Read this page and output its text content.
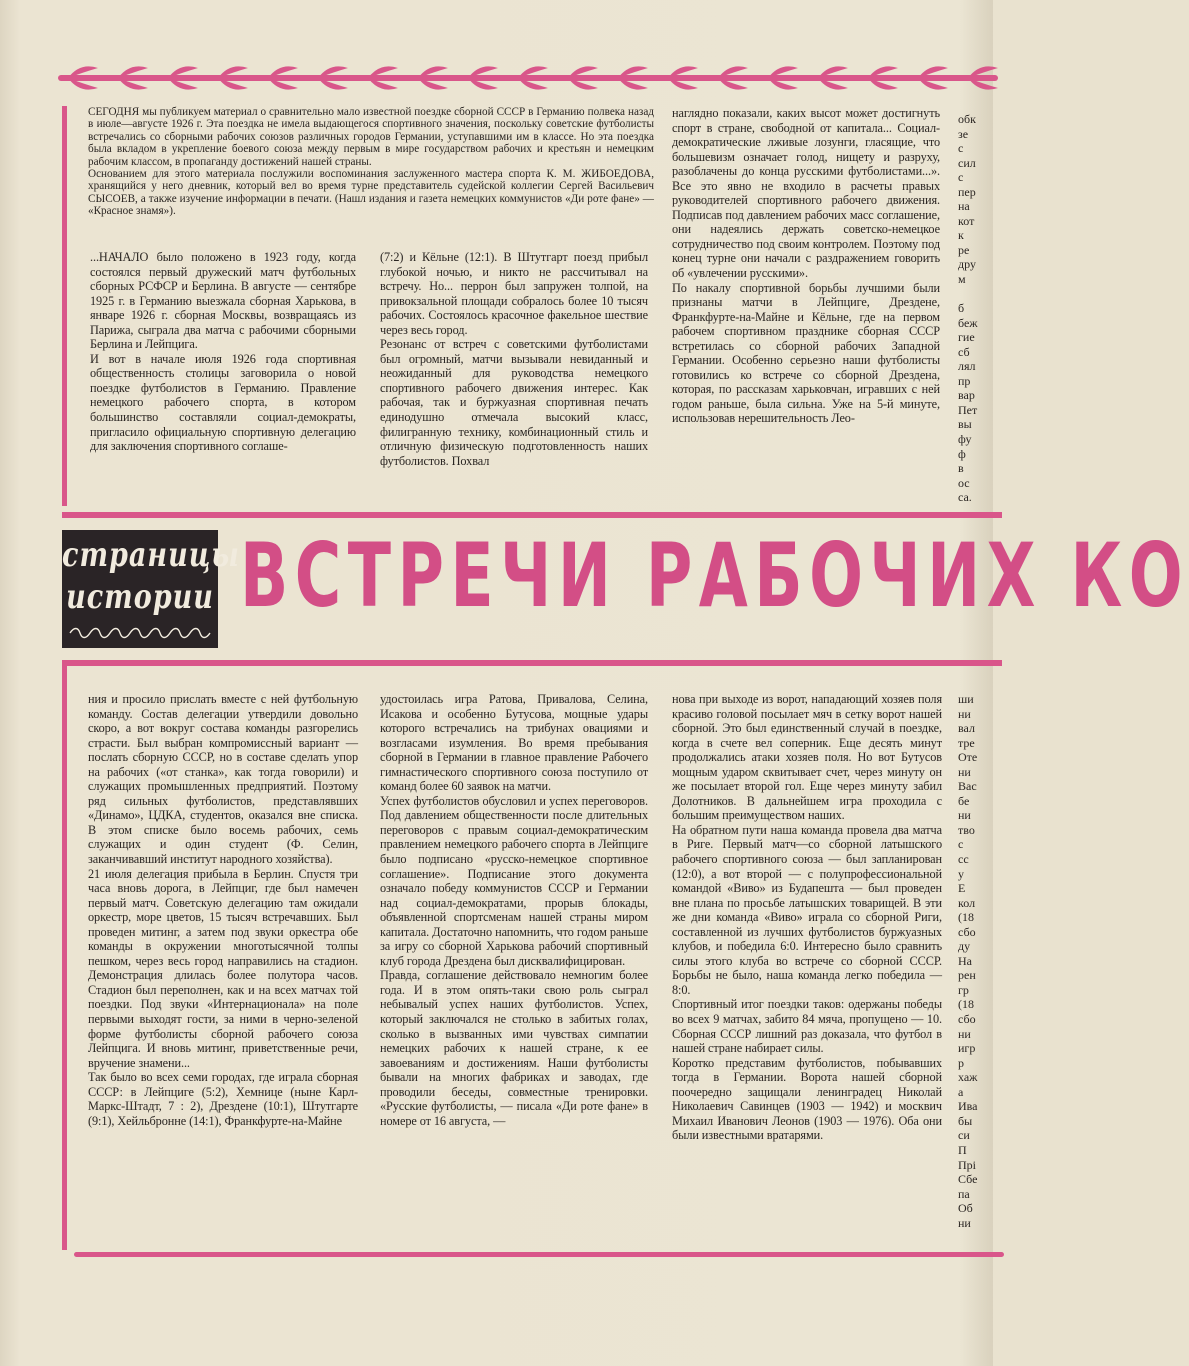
СЕГОДНЯ мы публикуем материал о сравнительно мало известной поездке сборной СССР в Германию полвека назад в июле—августе 1926 г. Эта поездка не имела выдающегося спортивного значения, поскольку советские футболисты встречались со сборными рабочих союзов различных городов Германии, уступавшими им в классе. Но эта поездка была вкладом в укрепление боевого союза между первым в мире государством рабочих и крестьян и немецким рабочим классом, в пропаганду достижений нашей страны.
Основанием для этого материала послужили воспоминания заслуженного мастера спорта К. М. ЖИБОЕДОВА, хранящийся у него дневник, который вел во время турне представитель судейской коллегии Сергей Васильевич СЫСОЕВ, а также изучение информации в печати. (Нашл издания и газета немецких коммунистов «Ди роте фане» — «Красное знамя»).
...НАЧАЛО было положено в 1923 году, когда состоялся первый дружеский матч футбольных сборных РСФСР и Берлина. В августе — сентябре 1925 г. в Германию выезжала сборная Харькова, в январе 1926 г. сборная Москвы, возвращаясь из Парижа, сыграла два матча с рабочими сборными Берлина и Лейпцига.
И вот в начале июля 1926 года спортивная общественность столицы заговорила о новой поездке футболистов в Германию. Правление немецкого рабочего спорта, в котором большинство составляли социал-демократы, пригласило официальную спортивную делегацию для заключения спортивного соглаше-
(7:2) и Кёльне (12:1). В Штутгарт поезд прибыл глубокой ночью, и никто не рассчитывал на встречу. Но... перрон был запружен толпой, на привокзальной площади собралось более 10 тысяч рабочих. Состоялось красочное факельное шествие через весь город.
Резонанс от встреч с советскими футболистами был огромный, матчи вызывали невиданный и неожиданный для руководства немецкого спортивного рабочего движения интерес. Как рабочая, так и буржуазная спортивная печать единодушно отмечала высокий класс, филигранную технику, комбинационный стиль и отличную физическую подготовленность наших футболистов. Похвал
наглядно показали, каких высот может достигнуть спорт в стране, свободной от капитала... Социал-демократические лживые лозунги, гласящие, что большевизм означает голод, нищету и разруху, разоблачены до конца русскими футболистами...». Все это явно не входило в расчеты правых руководителей спортивного рабочего движения. Подписав под давлением рабочих масс соглашение, они надеялись держать советско-немецкое сотрудничество под своим контролем. Поэтому под конец турне они начали с раздражением говорить об «увлечении русскими».
По накалу спортивной борьбы лучшими были признаны матчи в Лейпциге, Дрездене, Франкфурте-на-Майне и Кёльне, где на первом рабочем спортивном празднике сборная СССР встретилась со сборной рабочих Западной Германии. Особенно серьезно наши футболисты готовились ко встрече со сборной Дрездена, которая, по рассказам харьковчан, игравших с ней годом раньше, была сильна. Уже на 5-й минуте, использовав нерешительность Лео-
обк
зе
с
сил
с
пер
на
кот
к
ре
дру
м

б
беж
гие
сб
лял
пр
вар
Пет
вы
фу
ф
в
ос
са.
страницы
истории ВСТРЕЧИ РАБОЧИХ КО
ния и просило прислать вместе с ней футбольную команду. Состав делегации утвердили довольно скоро, а вот вокруг состава команды разгорелись страсти. Был выбран компромиссный вариант — послать сборную СССР, но в составе сделать упор на рабочих («от станка», как тогда говорили) и служащих промышленных предприятий. Поэтому ряд сильных футболистов, представлявших «Динамо», ЦДКА, студентов, оказался вне списка. В этом списке было восемь рабочих, семь служащих и один студент (Ф. Селин, заканчивавший институт народного хозяйства).
21 июля делегация прибыла в Берлин. Спустя три часа вновь дорога, в Лейпциг, где был намечен первый матч. Советскую делегацию там ожидали оркестр, море цветов, 15 тысяч встречавших. Был проведен митинг, а затем под звуки оркестра обе команды в окружении многотысячной толпы пешком, через весь город направились на стадион. Демонстрация длилась более полутора часов. Стадион был переполнен, как и на всех матчах той поездки. Под звуки «Интернационала» на поле первыми выходят гости, за ними в черно-зеленой форме футболисты сборной рабочего союза Лейпцига. И вновь митинг, приветственные речи, вручение знамени...
Так было во всех семи городах, где играла сборная СССР: в Лейпциге (5:2), Хемнице (ныне Карл-Маркс-Штадт, 7 : 2), Дрездене (10:1), Штутгарте (9:1), Хейльбронне (14:1), Франкфурте-на-Майне
удостоилась игра Ратова, Привалова, Селина, Исакова и особенно Бутусова, мощные удары которого встречались на трибунах овациями и возгласами изумления. Во время пребывания сборной в Германии в главное правление Рабочего гимнастического спортивного союза поступило от команд более 60 заявок на матчи.
Успех футболистов обусловил и успех переговоров. Под давлением общественности после длительных переговоров с правым социал-демократическим правлением немецкого рабочего спорта в Лейпциге было подписано «русско-немецкое спортивное соглашение». Подписание этого документа означало победу коммунистов СССР и Германии над социал-демократами, прорыв блокады, объявленной спортсменам нашей страны миром капитала. Достаточно напомнить, что годом раньше за игру со сборной Харькова рабочий спортивный клуб города Дрездена был дисквалифицирован.
Правда, соглашение действовало немногим более года. И в этом опять-таки свою роль сыграл небывалый успех наших футболистов. Успех, который заключался не столько в забитых голах, сколько в вызванных ими чувствах симпатии немецких рабочих к нашей стране, к ее завоеваниям и достижениям. Наши футболисты бывали на многих фабриках и заводах, где проводили беседы, совместные тренировки. «Русские футболисты, — писала «Ди роте фане» в номере от 16 августа, —
нова при выходе из ворот, нападающий хозяев поля красиво головой посылает мяч в сетку ворот нашей сборной. Это был единственный случай в поездке, когда в счете вел соперник. Еще десять минут продолжались атаки хозяев поля. Но вот Бутусов мощным ударом сквитывает счет, через минуту он же посылает второй гол. Еще через минуту забил Долотников. В дальнейшем игра проходила с большим преимуществом наших.
На обратном пути наша команда провела два матча в Риге. Первый матч—со сборной латышского рабочего спортивного союза — был запланирован (12:0), а вот второй — с полупрофессиональной командой «Виво» из Будапешта — был проведен вне плана по просьбе латышских товарищей. В эти же дни команда «Виво» играла со сборной Риги, составленной из лучших футболистов буржуазных клубов, и победила 6:0. Интересно было сравнить силы этого клуба во встрече со сборной СССР. Борьбы не было, наша команда легко победила — 8:0.
Спортивный итог поездки таков: одержаны победы во всех 9 матчах, забито 84 мяча, пропущено — 10. Сборная СССР лишний раз доказала, что футбол в нашей стране набирает силы.
Коротко представим футболистов, побывавших тогда в Германии. Ворота нашей сборной поочередно защищали ленинградец Николай Николаевич Савинцев (1903 — 1942) и москвич Михаил Иванович Леонов (1903 — 1976). Оба они были известными вратарями.
ши
ни
вал
тре
Оте
ни
Вас
бе
ни
тво
с
сс
у
Е
кол
(18
сбо
ду
На
рен
гр
(18
сбо
ни
игр
р
хаж
а
Ива
бы
си
П
Прі
Сбе
па
Об
ни
